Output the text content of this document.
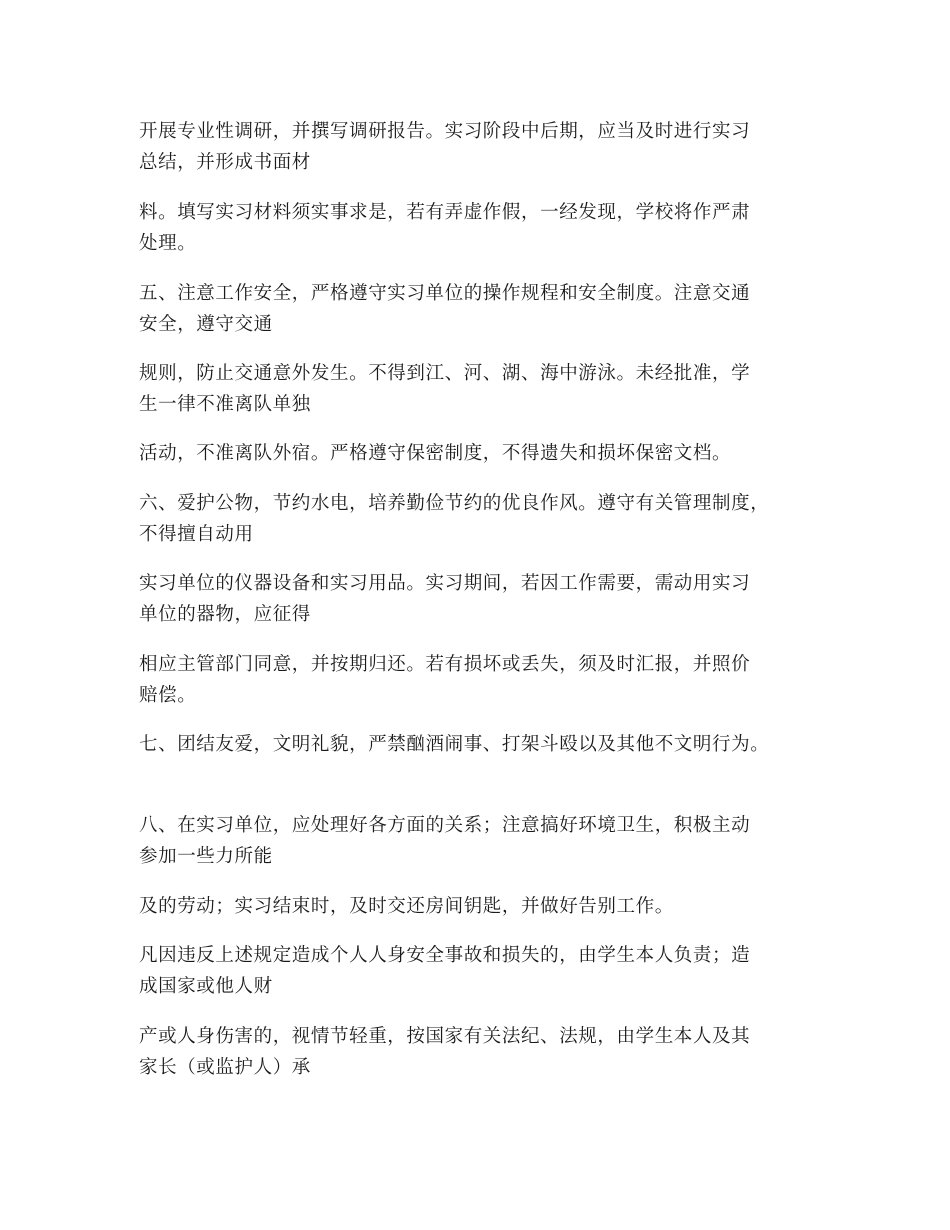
开展专业性调研，并撰写调研报告。实习阶段中后期，应当及时进行实习
总结，并形成书面材
料。填写实习材料须实事求是，若有弄虚作假，一经发现，学校将作严肃
处理。
五、注意工作安全，严格遵守实习单位的操作规程和安全制度。注意交通
安全，遵守交通
规则，防止交通意外发生。不得到江、河、湖、海中游泳。未经批准，学
生一律不准离队单独
活动，不准离队外宿。严格遵守保密制度，不得遗失和损坏保密文档。
六、爱护公物，节约水电，培养勤俭节约的优良作风。遵守有关管理制度，
不得擅自动用
实习单位的仪器设备和实习用品。实习期间，若因工作需要，需动用实习
单位的器物，应征得
相应主管部门同意，并按期归还。若有损坏或丢失，须及时汇报，并照价
赔偿。
七、团结友爱，文明礼貌，严禁酗酒闹事、打架斗殴以及其他不文明行为。
八、在实习单位，应处理好各方面的关系；注意搞好环境卫生，积极主动
参加一些力所能
及的劳动；实习结束时，及时交还房间钥匙，并做好告别工作。
凡因违反上述规定造成个人人身安全事故和损失的，由学生本人负责；造
成国家或他人财
产或人身伤害的，视情节轻重，按国家有关法纪、法规，由学生本人及其
家长（或监护人）承
